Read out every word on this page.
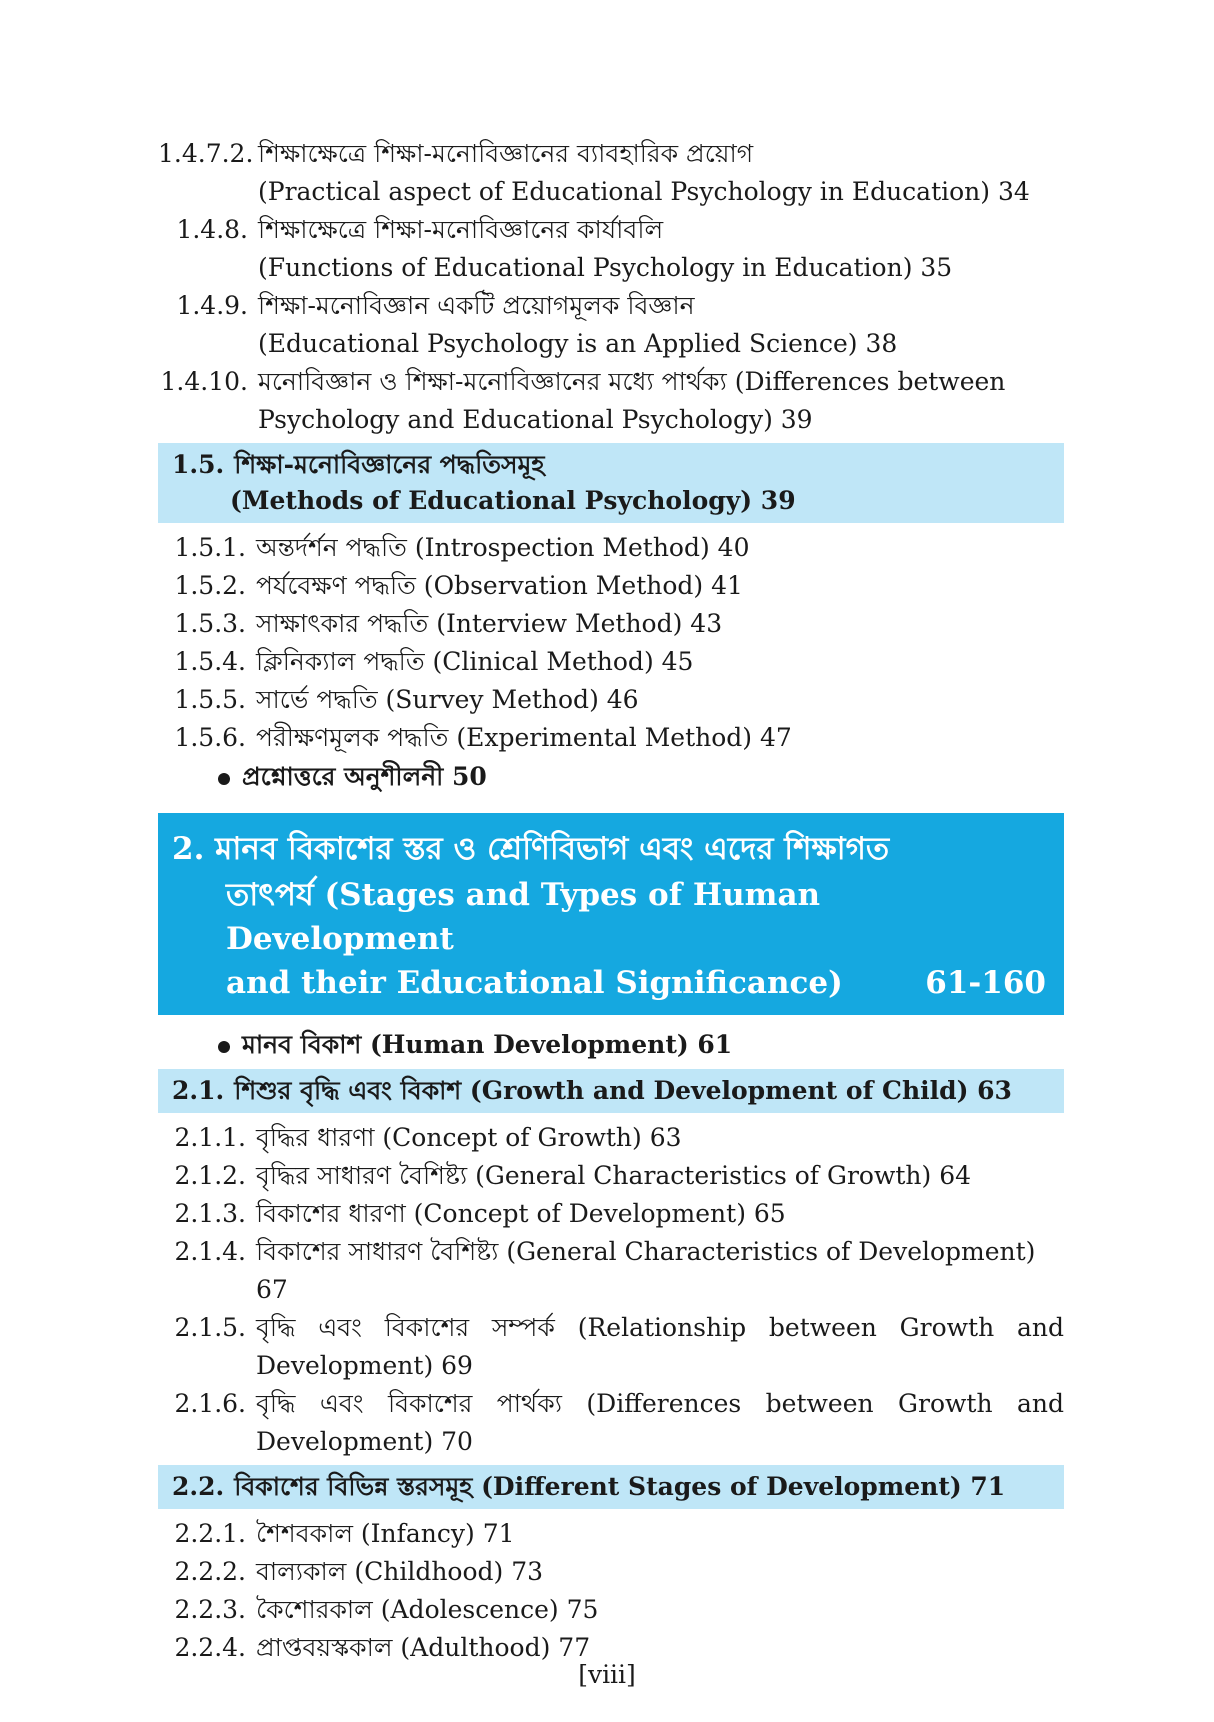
1.4.7.2. শিক্ষাক্ষেত্রে শিক্ষা-মনোবিজ্ঞানের ব্যাবহারিক প্রয়োগ
(Practical aspect of Educational Psychology in Education) 34
1.4.8. শিক্ষাক্ষেত্রে শিক্ষা-মনোবিজ্ঞানের কার্যাবলি
(Functions of Educational Psychology in Education) 35
1.4.9. শিক্ষা-মনোবিজ্ঞান একটি প্রয়োগমূলক বিজ্ঞান
(Educational Psychology is an Applied Science) 38
1.4.10. মনোবিজ্ঞান ও শিক্ষা-মনোবিজ্ঞানের মধ্যে পার্থক্য (Differences between
Psychology and Educational Psychology) 39
1.5. শিক্ষা-মনোবিজ্ঞানের পদ্ধতিসমূহ
(Methods of Educational Psychology) 39
1.5.1. অন্তর্দর্শন পদ্ধতি (Introspection Method) 40
1.5.2. পর্যবেক্ষণ পদ্ধতি (Observation Method) 41
1.5.3. সাক্ষাৎকার পদ্ধতি (Interview Method) 43
1.5.4. ক্লিনিক্যাল পদ্ধতি (Clinical Method) 45
1.5.5. সার্ভে পদ্ধতি (Survey Method) 46
1.5.6. পরীক্ষণমূলক পদ্ধতি (Experimental Method) 47
প্রশ্নোত্তরে অনুশীলনী 50
2. মানব বিকাশের স্তর ও শ্রেণিবিভাগ এবং এদের শিক্ষাগত
তাৎপর্য (Stages and Types of Human Development
and their Educational Significance)	61-160
মানব বিকাশ (Human Development) 61
2.1. শিশুর বৃদ্ধি এবং বিকাশ (Growth and Development of Child) 63
2.1.1. বৃদ্ধির ধারণা (Concept of Growth) 63
2.1.2. বৃদ্ধির সাধারণ বৈশিষ্ট্য (General Characteristics of Growth) 64
2.1.3. বিকাশের ধারণা (Concept of Development) 65
2.1.4. বিকাশের সাধারণ বৈশিষ্ট্য (General Characteristics of Development) 67
2.1.5. বৃদ্ধি এবং বিকাশের সম্পর্ক (Relationship between Growth and Development) 69
2.1.6. বৃদ্ধি এবং বিকাশের পার্থক্য (Differences between Growth and Development) 70
2.2. বিকাশের বিভিন্ন স্তরসমূহ (Different Stages of Development) 71
2.2.1. শৈশবকাল (Infancy) 71
2.2.2. বাল্যকাল (Childhood) 73
2.2.3. কৈশোরকাল (Adolescence) 75
2.2.4. প্রাপ্তবয়স্ককাল (Adulthood) 77
[viii]
